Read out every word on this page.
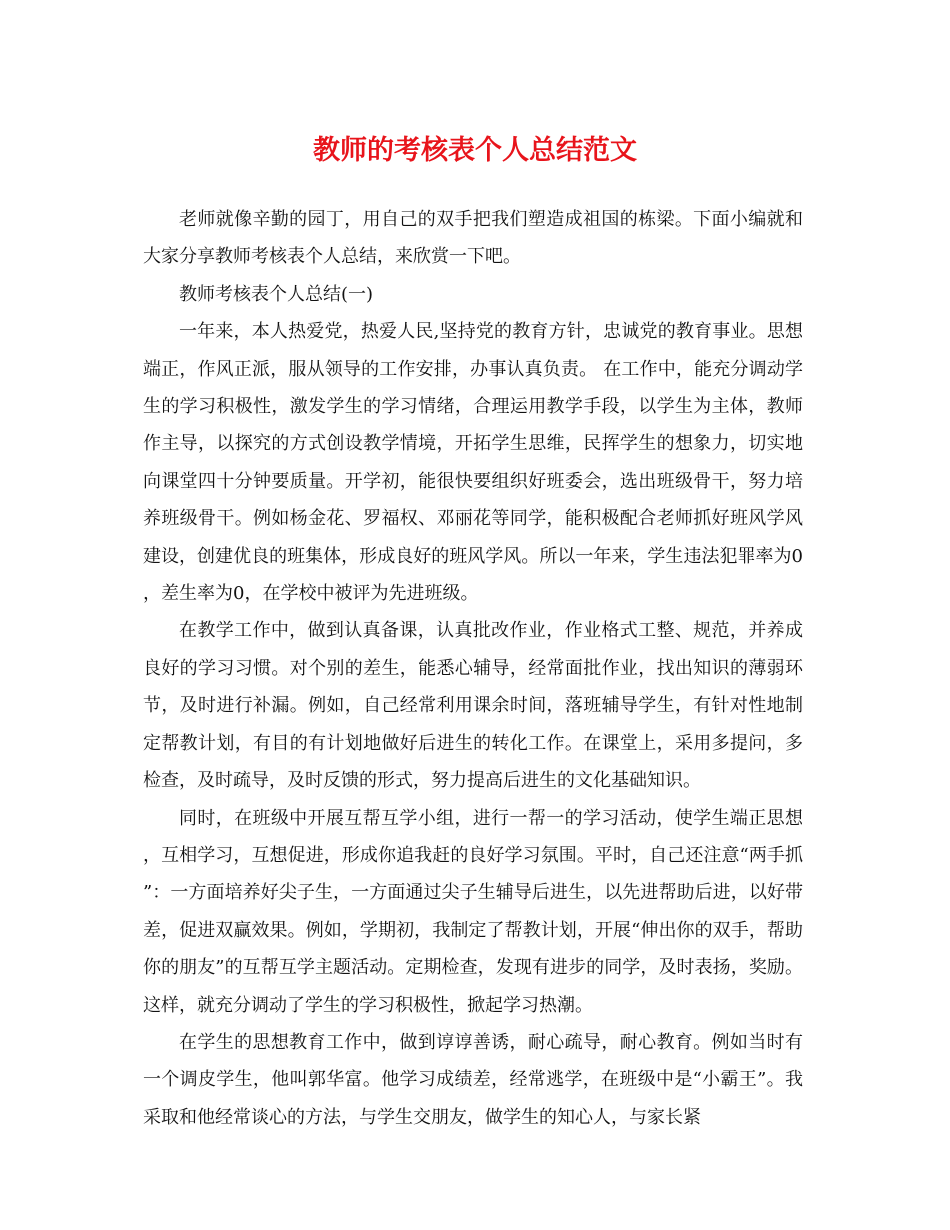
教师的考核表个人总结范文

老师就像辛勤的园丁，用自己的双手把我们塑造成祖国的栋梁。下面小编就和大家分享教师考核表个人总结，来欣赏一下吧。

教师考核表个人总结(一)

一年来，本人热爱党，热爱人民,坚持党的教育方针，忠诚党的教育事业。思想端正，作风正派，服从领导的工作安排，办事认真负责。 在工作中，能充分调动学生的学习积极性，激发学生的学习情绪，合理运用教学手段，以学生为主体，教师作主导，以探究的方式创设教学情境，开拓学生思维，民挥学生的想象力，切实地向课堂四十分钟要质量。开学初，能很快要组织好班委会，选出班级骨干，努力培养班级骨干。例如杨金花、罗福权、邓丽花等同学，能积极配合老师抓好班风学风建设，创建优良的班集体，形成良好的班风学风。所以一年来，学生违法犯罪率为0，差生率为0，在学校中被评为先进班级。

在教学工作中，做到认真备课，认真批改作业，作业格式工整、规范，并养成良好的学习习惯。对个别的差生，能悉心辅导，经常面批作业，找出知识的薄弱环节，及时进行补漏。例如，自己经常利用课余时间，落班辅导学生，有针对性地制定帮教计划，有目的有计划地做好后进生的转化工作。在课堂上，采用多提问，多检查，及时疏导，及时反馈的形式，努力提高后进生的文化基础知识。

同时，在班级中开展互帮互学小组，进行一帮一的学习活动，使学生端正思想，互相学习，互想促进，形成你追我赶的良好学习氛围。平时，自己还注意“两手抓”：一方面培养好尖子生，一方面通过尖子生辅导后进生，以先进帮助后进，以好带差，促进双赢效果。例如，学期初，我制定了帮教计划，开展“伸出你的双手，帮助你的朋友”的互帮互学主题活动。定期检查，发现有进步的同学，及时表扬，奖励。这样，就充分调动了学生的学习积极性，掀起学习热潮。

在学生的思想教育工作中，做到谆谆善诱，耐心疏导，耐心教育。例如当时有一个调皮学生，他叫郭华富。他学习成绩差，经常逃学，在班级中是“小霸王”。我采取和他经常谈心的方法，与学生交朋友，做学生的知心人，与家长紧
